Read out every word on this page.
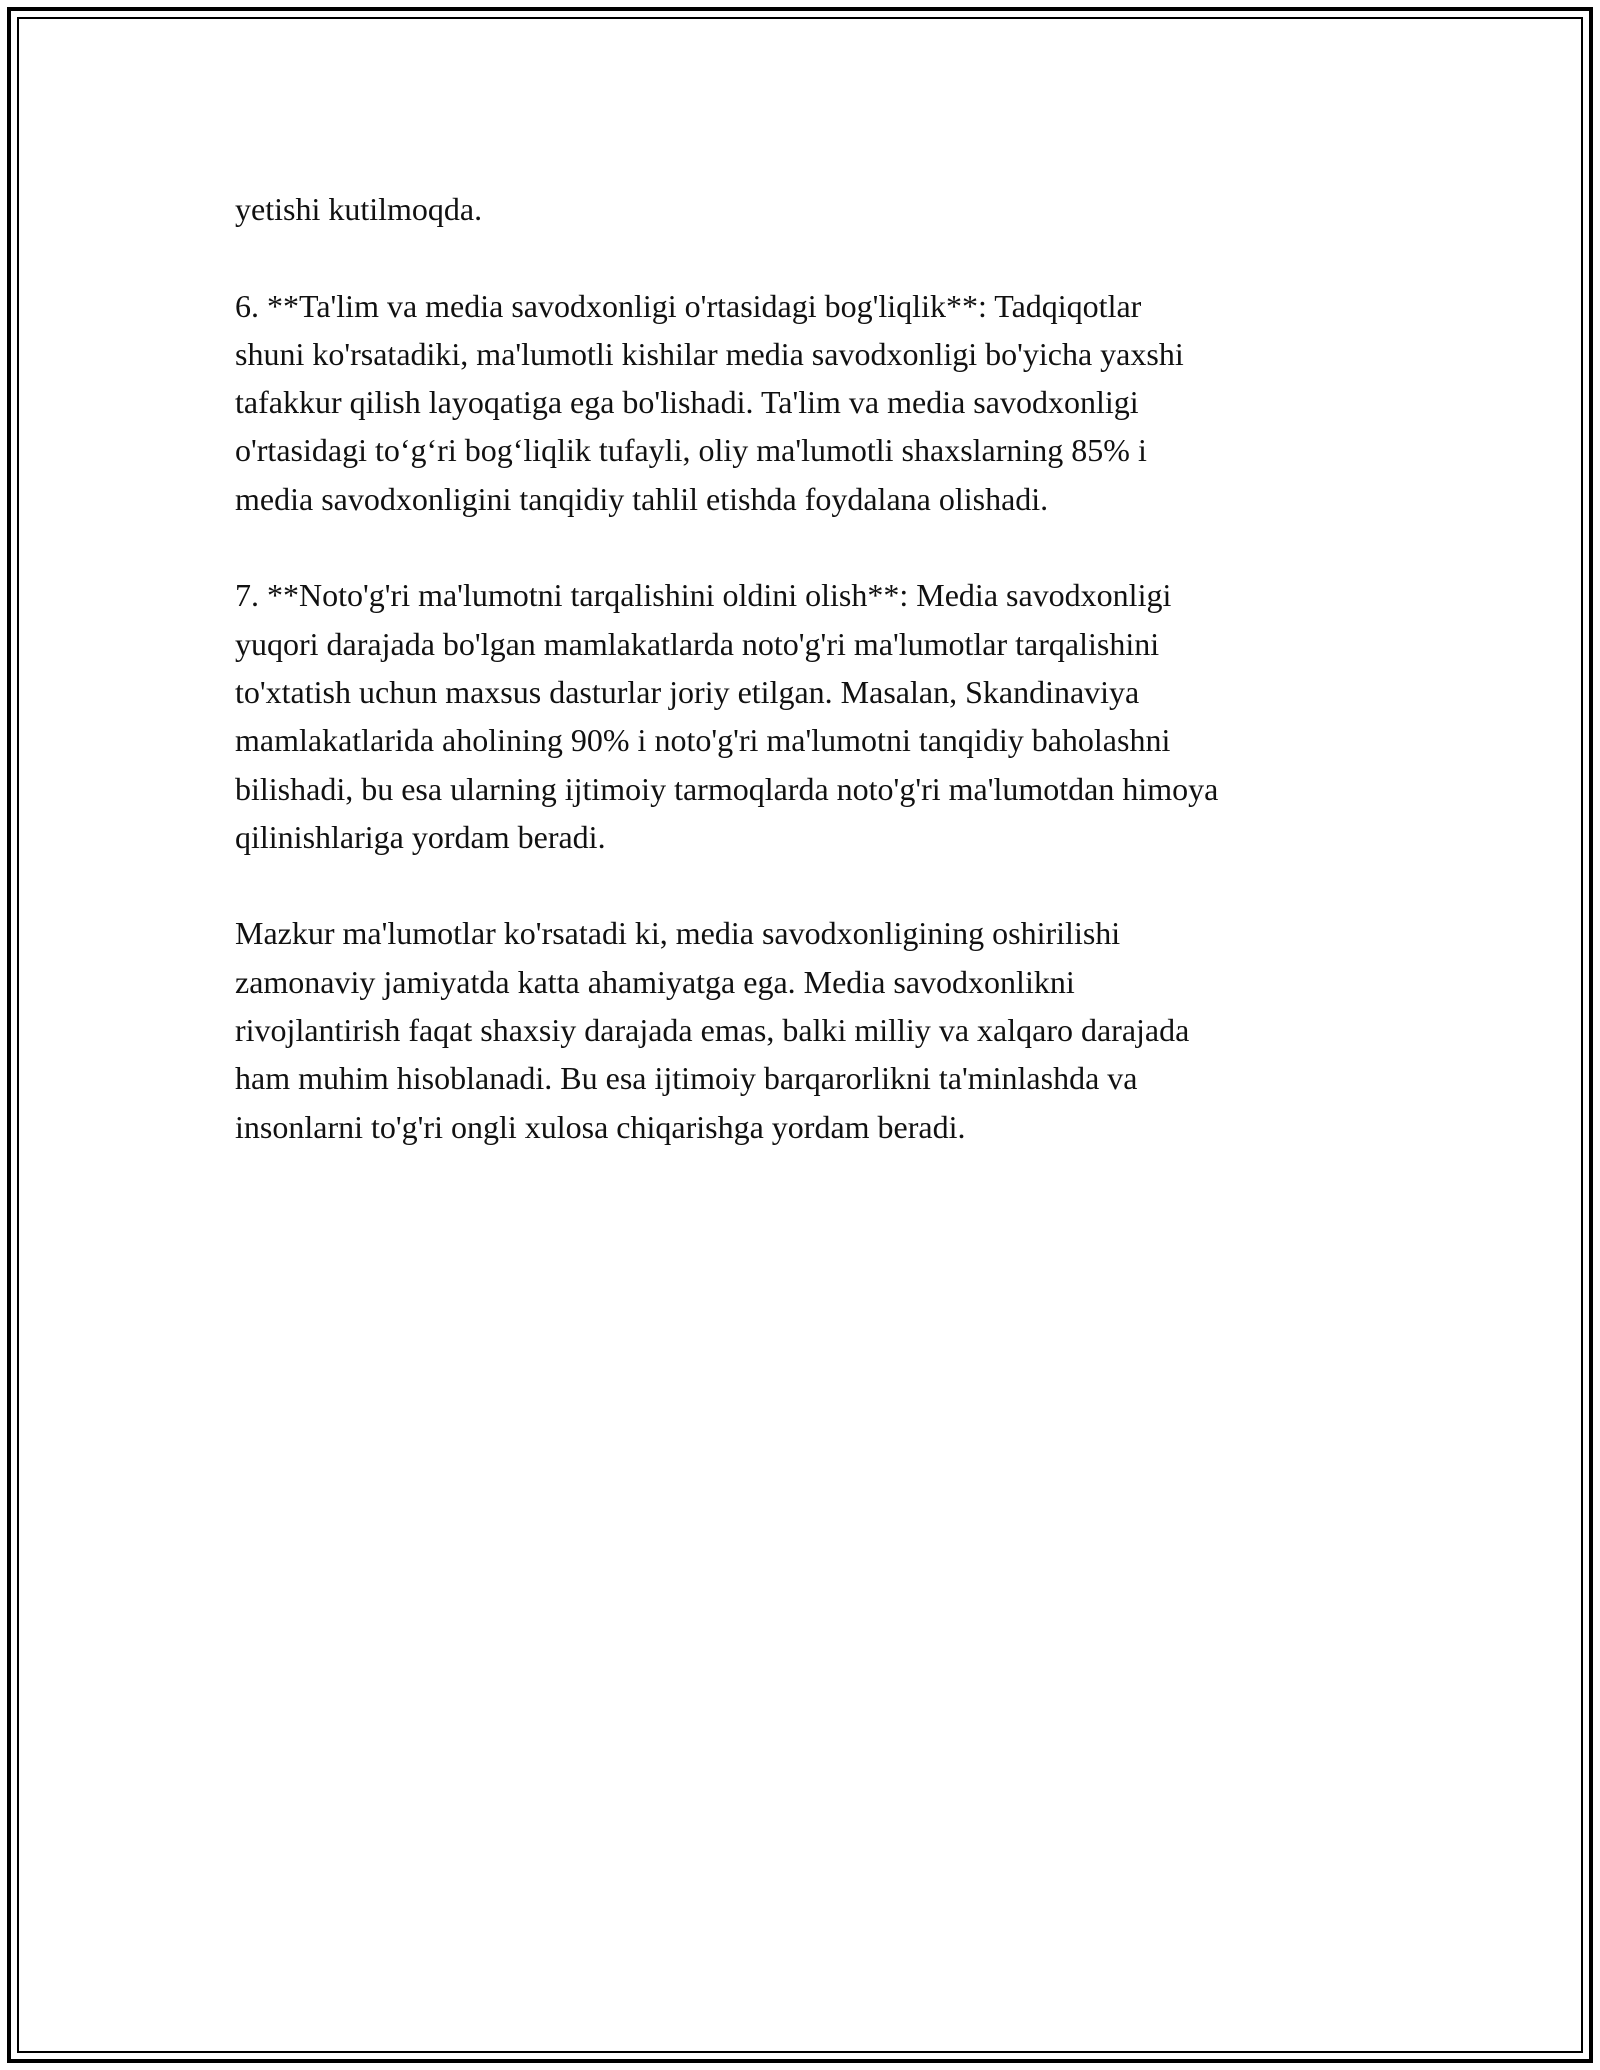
yetishi kutilmoqda.

6. **Ta'lim va media savodxonligi o'rtasidagi bog'liqlik**: Tadqiqotlar
shuni ko'rsatadiki, ma'lumotli kishilar media savodxonligi bo'yicha yaxshi
tafakkur qilish layoqatiga ega bo'lishadi. Ta'lim va media savodxonligi
o'rtasidagi to‘g‘ri bog‘liqlik tufayli, oliy ma'lumotli shaxslarning 85% i
media savodxonligini tanqidiy tahlil etishda foydalana olishadi.

7. **Noto'g'ri ma'lumotni tarqalishini oldini olish**: Media savodxonligi
yuqori darajada bo'lgan mamlakatlarda noto'g'ri ma'lumotlar tarqalishini
to'xtatish uchun maxsus dasturlar joriy etilgan. Masalan, Skandinaviya
mamlakatlarida aholining 90% i noto'g'ri ma'lumotni tanqidiy baholashni
bilishadi, bu esa ularning ijtimoiy tarmoqlarda noto'g'ri ma'lumotdan himoya
qilinishlariga yordam beradi.

Mazkur ma'lumotlar ko'rsatadi ki, media savodxonligining oshirilishi
zamonaviy jamiyatda katta ahamiyatga ega. Media savodxonlikni
rivojlantirish faqat shaxsiy darajada emas, balki milliy va xalqaro darajada
ham muhim hisoblanadi. Bu esa ijtimoiy barqarorlikni ta'minlashda va
insonlarni to'g'ri ongli xulosa chiqarishga yordam beradi.
